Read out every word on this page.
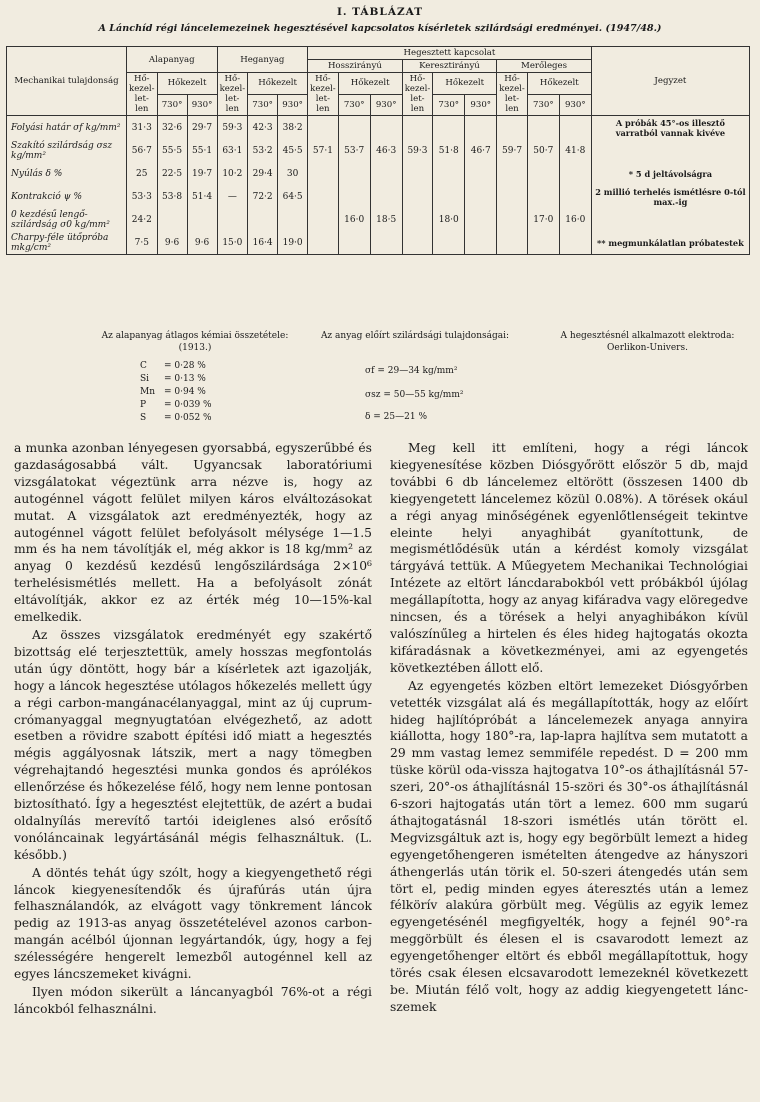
I. TÁBLÁZAT
A Lánchíd régi láncelemezeinek hegesztésével kapcsolatos kísérletek szilárdsági eredményei. (1947/48.)
Mechanikai tulajdonság	Alapanyag			Heganyag			Hegesztett kapcsolat									Jegyzet
							Hosszirányú			Keresztirányú			Merőleges			
	Hő- kezel- let- len	Hőkezelt		Hő- kezel- let- len	Hőkezelt		Hő- kezel- let- len	Hőkezelt		Hő- kezel- let- len	Hőkezelt		Hő- kezel- let- len	Hőkezelt		
		730°	930°		730°	930°		730°	930°		730°	930°		730°	930°	
Folyási határ σf kg/mm²	31·3	32·6	29·7	59·3	42·3	38·2										A próbák 45°-os illesztő varratból vannak kivéve
Szakító szilárdság σsz kg/mm²	56·7	55·5	55·1	63·1	53·2	45·5	57·1	53·7	46·3	59·3	51·8	46·7	59·7	50·7	41·8	
Nyúlás δ %	25	22·5	19·7	10·2	29·4	30										* 5 d jeltávolságra
Kontrakció ψ %	53·3	53·8	51·4	—	72·2	64·5										2 millió terhelés ismétlésre 0-tól max.-ig
0 kezdésű lengő-szilárdság σ0 kg/mm²	24·2							16·0	18·5		18·0			17·0	16·0	
Charpy-féle ütőpróba mkg/cm²	7·5	9·6	9·6	15·0	16·4	19·0										** megmunkálatlan próbatestek
Az alapanyag átlagos kémiai összetétele: (1913.)
Az anyag előírt szilárdsági tulajdonságai:	A hegesztésnél alkalmazott elektroda: Oerlikon-Univers.
C = 0·28 %
Si = 0·13 %
Mn = 0·94 %
P = 0·039 %
S = 0·052 %
σf = 29—34 kg/mm²
σsz = 50—55 kg/mm²
δ = 25—21 %

a munka azonban lényegesen gyorsabbá, egyszerűbbé és gazdaságosabbá vált. Ugyancsak laboratóriumi vizsgálatokat végeztünk arra nézve is, hogy az autogénnel vágott felület milyen káros elváltozásokat mutat. A vizsgálatok azt eredményezték, hogy az autogénnel vágott felület befolyásolt mélysége 1—1.5 mm és ha nem távolítják el, még akkor is 18 kg/mm² az anyag 0 kezdésű kezdésű lengőszilárdsága 2×10⁶ terhelésismétlés mellett. Ha a befolyásolt zónát eltávolítják, akkor ez az érték még 10—15%-kal emelkedik.

Az összes vizsgálatok eredményét egy szakértő bizottság elé terjesztettük, amely hosszas megfontolás után úgy döntött, hogy bár a kísérletek azt igazolják, hogy a láncok hegesztése utólagos hőkezelés mellett úgy a régi carbon-mangánacélanyaggal, mint az új cuprum-crómanyaggal megnyugtatóan elvégezhető, az adott esetben a rövidre szabott építési idő miatt a hegesztés mégis aggályosnak látszik, mert a nagy tömegben végrehajtandó hegesztési munka gondos és aprólékos ellenőrzése és hőkezelése félő, hogy nem lenne pontosan biztosítható. Így a hegesztést elejtettük, de azért a budai oldalnyílás merevítő tartói ideiglenes alsó erősítő vonóláncainak legyártásánál mégis felhasználtuk. (L. később.)

A döntés tehát úgy szólt, hogy a kiegyengethető régi láncok kiegyenesítendők és újrafúrás után újra felhasználandók, az elvágott vagy tönkrement láncok pedig az 1913-as anyag összetételével azonos carbon-mangán acélból újonnan legyártandók, úgy, hogy a fej szélességére hengerelt lemezből autogénnel kell az egyes láncszemeket kivágni.

Ilyen módon sikerült a láncanyagból 76%-ot a régi láncokból felhasználni.

Meg kell itt említeni, hogy a régi láncok kiegyenesítése közben Diósgyőrött először 5 db, majd további 6 db láncelemez eltörött (összesen 1400 db kiegyengetett láncelemez közül 0.08%). A törések okául a régi anyag minőségének egyenlőtlenségeit tekintve eleinte helyi anyaghibát gyanítottunk, de megismétlődésük után a kérdést komoly vizsgálat tárgyává tettük. A Műegyetem Mechanikai Technológiai Intézete az eltört láncdarabokból vett próbákból újólag megállapította, hogy az anyag kifáradva vagy elöregedve nincsen, és a törések a helyi anyaghibákon kívül valószínűleg a hirtelen és éles hideg hajtogatás okozta kifáradásnak a következményei, ami az egyengetés következtében állott elő.

Az egyengetés közben eltört lemezeket Diósgyőrben vetették vizsgálat alá és megállapították, hogy az előírt hideg hajlítópróbát a láncelemezek anyaga annyira kiállotta, hogy 180°-ra, lap-lapra hajlítva sem mutatott a 29 mm vastag lemez semmiféle repedést. D = 200 mm tüske körül oda-vissza hajtogatva 10°-os áthajlításnál 57-szeri, 20°-os áthajlításnál 15-szöri és 30°-os áthajlításnál 6-szori hajtogatás után tört a lemez. 600 mm sugarú áthajtogatásnál 18-szori ismétlés után törött el. Megvizsgáltuk azt is, hogy egy begörbült lemezt a hideg egyengetőhengeren ismételten átengedve az hányszori áthengerlás után törik el. 50-szeri átengedés után sem tört el, pedig minden egyes áteresztés után a lemez félkörív alakúra görbült meg. Végülis az egyik lemez egyengetésénél megfigyelték, hogy a fejnél 90°-ra meggörbült és élesen el is csavarodott lemezt az egyengetőhenger eltört és ebből megállapítottuk, hogy törés csak élesen elcsavarodott lemezeknél következett be. Miután félő volt, hogy az addig kiegyengetett láncszemek
